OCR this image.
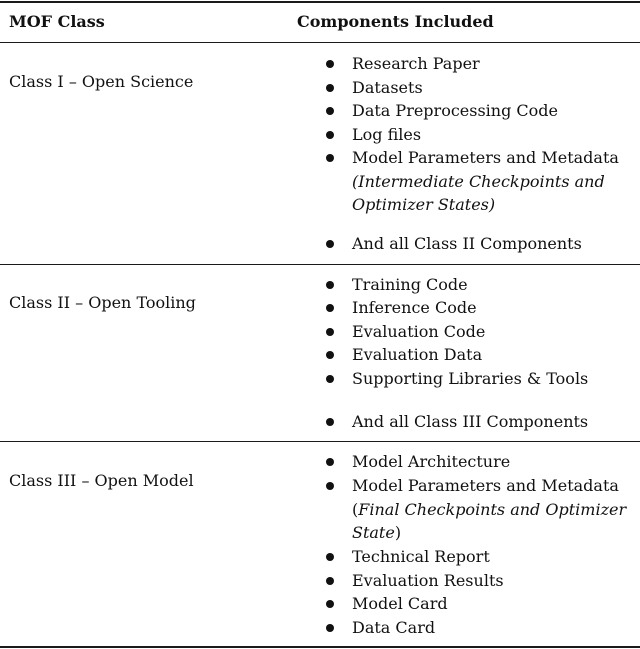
MOF Class	Components Included
Class I – Open Science
Research Paper
Datasets
Data Preprocessing Code
Log files
Model Parameters and Metadata
(Intermediate Checkpoints and
Optimizer States)
And all Class II Components
Class II – Open Tooling
Training Code
Inference Code
Evaluation Code
Evaluation Data
Supporting Libraries & Tools
And all Class III Components
Class III – Open Model
Model Architecture
Model Parameters and Metadata
(Final Checkpoints and Optimizer
State)
Technical Report
Evaluation Results
Model Card
Data Card
